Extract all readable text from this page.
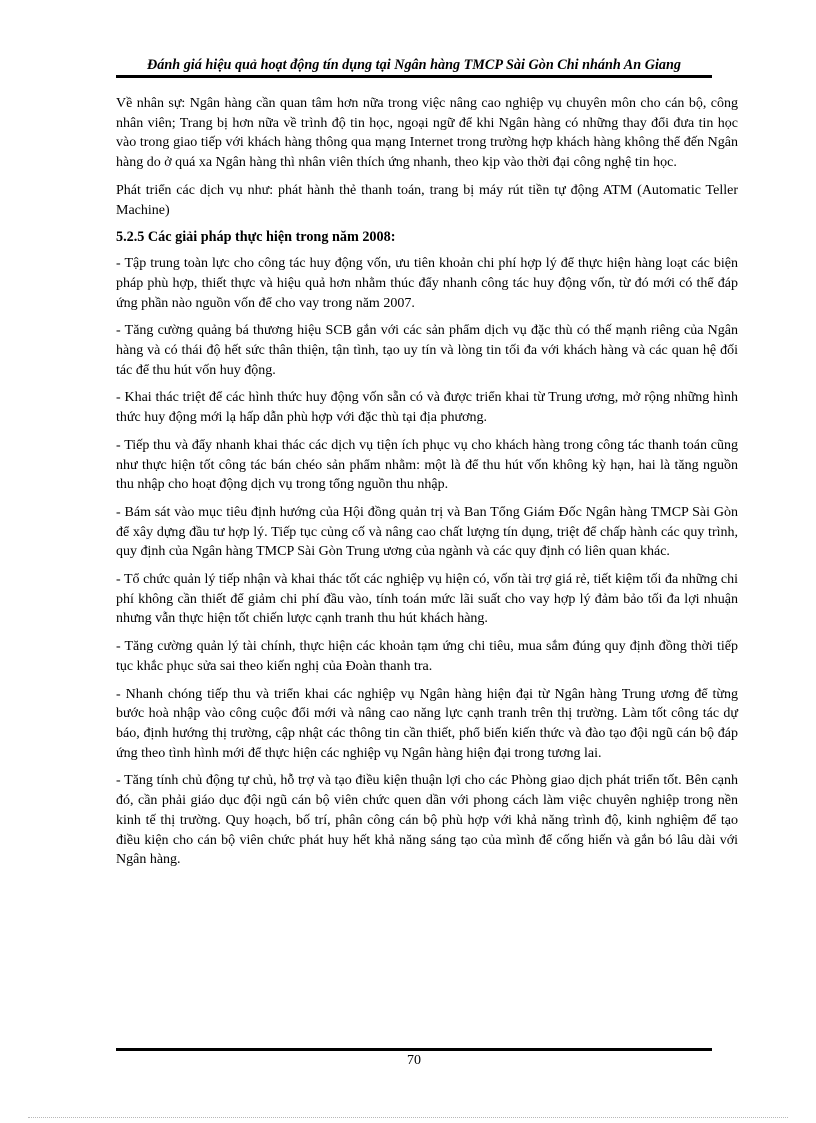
Đánh giá hiệu quả hoạt động tín dụng tại Ngân hàng TMCP Sài Gòn Chi nhánh An Giang

Về nhân sự: Ngân hàng cần quan tâm hơn nữa trong việc nâng cao nghiệp vụ chuyên môn cho cán bộ, công nhân viên; Trang bị hơn nữa về trình độ tin học, ngoại ngữ để khi Ngân hàng có những thay đổi đưa tin học vào trong giao tiếp với khách hàng thông qua mạng Internet trong trường hợp khách hàng không thể đến Ngân hàng do ở quá xa Ngân hàng thì nhân viên thích ứng nhanh, theo kịp vào thời đại công nghệ tin học.

Phát triển các dịch vụ như: phát hành thẻ thanh toán, trang bị máy rút tiền tự động ATM (Automatic Teller Machine)

5.2.5 Các giải pháp thực hiện trong năm 2008:

- Tập trung toàn lực cho công tác huy động vốn, ưu tiên khoản chi phí hợp lý để thực hiện hàng loạt các biện pháp phù hợp, thiết thực và hiệu quả hơn nhằm thúc đẩy nhanh công tác huy động vốn, từ đó mới có thể đáp ứng phần nào nguồn vốn để cho vay trong năm 2007.

- Tăng cường quảng bá thương hiệu SCB gắn với các sản phẩm dịch vụ đặc thù có thế mạnh riêng của Ngân hàng và có thái độ hết sức thân thiện, tận tình, tạo uy tín và lòng tin tối đa với khách hàng và các quan hệ đối tác để thu hút vốn huy động.

- Khai thác triệt để các hình thức huy động vốn sẵn có và được triển khai từ Trung ương, mở rộng những hình thức huy động mới lạ hấp dẫn phù hợp với đặc thù tại địa phương.

- Tiếp thu và đẩy nhanh khai thác các dịch vụ tiện ích phục vụ cho khách hàng trong công tác thanh toán cũng như thực hiện tốt công tác bán chéo sản phẩm nhằm: một là để thu hút vốn không kỳ hạn, hai là tăng nguồn thu nhập cho hoạt động dịch vụ trong tổng nguồn thu nhập.

- Bám sát vào mục tiêu định hướng của Hội đồng quản trị và Ban Tổng Giám Đốc Ngân hàng TMCP Sài Gòn để xây dựng đầu tư hợp lý. Tiếp tục củng cố và nâng cao chất lượng tín dụng, triệt để chấp hành các quy trình, quy định của Ngân hàng TMCP Sài Gòn Trung ương của ngành và các quy định có liên quan khác.

- Tổ chức quản lý tiếp nhận và khai thác tốt các nghiệp vụ hiện có, vốn tài trợ giá rẻ, tiết kiệm tối đa những chi phí không cần thiết để giảm chi phí đầu vào, tính toán mức lãi suất cho vay hợp lý đảm bảo tối đa lợi nhuận nhưng vẫn thực hiện tốt chiến lược cạnh tranh thu hút khách hàng.

- Tăng cường quản lý tài chính, thực hiện các khoản tạm ứng chi tiêu, mua sắm đúng quy định đồng thời tiếp tục khắc phục sửa sai theo kiến nghị của Đoàn thanh tra.

- Nhanh chóng tiếp thu và triển khai các nghiệp vụ Ngân hàng hiện đại từ Ngân hàng Trung ương để từng bước hoà nhập vào công cuộc đổi mới và nâng cao năng lực cạnh tranh trên thị trường. Làm tốt công tác dự báo, định hướng thị trường, cập nhật các thông tin cần thiết, phổ biến kiến thức và đào tạo đội ngũ cán bộ đáp ứng theo tình hình mới để thực hiện các nghiệp vụ Ngân hàng hiện đại trong tương lai.

- Tăng tính chủ động tự chủ, hỗ trợ và tạo điều kiện thuận lợi cho các Phòng giao dịch phát triển tốt. Bên cạnh đó, cần phải giáo dục đội ngũ cán bộ viên chức quen dần với phong cách làm việc chuyên nghiệp trong nền kinh tế thị trường. Quy hoạch, bố trí, phân công cán bộ phù hợp với khả năng trình độ, kinh nghiệm để tạo điều kiện cho cán bộ viên chức phát huy hết khả năng sáng tạo của mình để cống hiến và gắn bó lâu dài với Ngân hàng.

70
